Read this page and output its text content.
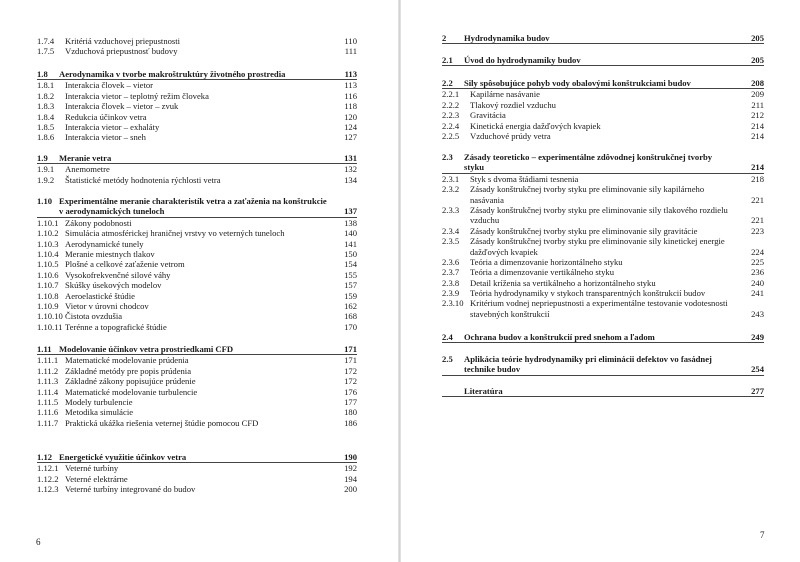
1.7.4 Kritériá vzduchovej priepustnosti	110
1.7.5 Vzduchová priepustnosť budovy	111
1.8 Aerodynamika v tvorbe makroštruktúry životného prostredia	113
1.8.1 Interakcia človek – vietor	113
1.8.2 Interakcia vietor – teplotný režim človeka	116
1.8.3 Interakcia človek – vietor – zvuk	118
1.8.4 Redukcia účinkov vetra	120
1.8.5 Interakcia vietor – exhaláty	124
1.8.6 Interakcia vietor – sneh	127
1.9 Meranie vetra	131
1.9.1 Anemometre	132
1.9.2 Štatistické metódy hodnotenia rýchlosti vetra	134
1.10 Experimentálne meranie charakteristík vetra a zaťaženia na konštrukcie
v aerodynamických tuneloch	137
1.10.1 Zákony podobnosti	138
1.10.2 Simulácia atmosférickej hraničnej vrstvy vo veterných tuneloch	140
1.10.3 Aerodynamické tunely	141
1.10.4 Meranie miestnych tlakov	150
1.10.5 Plošné a celkové zaťaženie vetrom	154
1.10.6 Vysokofrekvenčné silové váhy	155
1.10.7 Skúšky úsekových modelov	157
1.10.8 Aeroelastické štúdie	159
1.10.9 Vietor v úrovni chodcov	162
1.10.10 Čistota ovzdušia	168
1.10.11 Terénne a topografické štúdie	170
1.11 Modelovanie účinkov vetra prostriedkami CFD	171
1.11.1 Matematické modelovanie prúdenia	171
1.11.2 Základné metódy pre popis prúdenia	172
1.11.3 Základné zákony popisujúce prúdenie	172
1.11.4 Matematické modelovanie turbulencie	176
1.11.5 Modely turbulencie	177
1.11.6 Metodika simulácie	180
1.11.7 Praktická ukážka riešenia veternej štúdie pomocou CFD	186
1.12 Energetické využitie účinkov vetra	190
1.12.1 Veterné turbíny	192
1.12.2 Veterné elektrárne	194
1.12.3 Veterné turbíny integrované do budov	200
2 Hydrodynamika budov	205
2.1 Úvod do hydrodynamiky budov	205
2.2 Sily spôsobujúce pohyb vody obalovými konštrukciami budov	208
2.2.1 Kapilárne nasávanie	209
2.2.2 Tlakový rozdiel vzduchu	211
2.2.3 Gravitácia	212
2.2.4 Kinetická energia dažďových kvapiek	214
2.2.5 Vzduchové prúdy vetra	214
2.3 Zásady teoreticko – experimentálne zdôvodnej konštrukčnej tvorby
styku	214
2.3.1 Styk s dvoma štádiami tesnenia	218
2.3.2 Zásady konštrukčnej tvorby styku pre eliminovanie sily kapilárneho
nasávania	221
2.3.3 Zásady konštrukčnej tvorby styku pre eliminovanie sily tlakového rozdielu
vzduchu	221
2.3.4 Zásady konštrukčnej tvorby styku pre eliminovanie sily gravitácie	223
2.3.5 Zásady konštrukčnej tvorby styku pre eliminovanie sily kinetickej energie
dažďových kvapiek	224
2.3.6 Teória a dimenzovanie horizontálneho styku	225
2.3.7 Teória a dimenzovanie vertikálneho styku	236
2.3.8 Detail kríženia sa vertikálneho a horizontálneho styku	240
2.3.9 Teória hydrodynamiky v stykoch transparentných konštrukcií budov	241
2.3.10 Kritérium vodnej nepriepustnosti a experimentálne testovanie vodotesnosti
stavebných konštrukcií	243
2.4 Ochrana budov a konštrukcií pred snehom a ľadom	249
2.5 Aplikácia teórie hydrodynamiky pri eliminácii defektov vo fasádnej
technike budov	254
Literatúra	277
6
7
